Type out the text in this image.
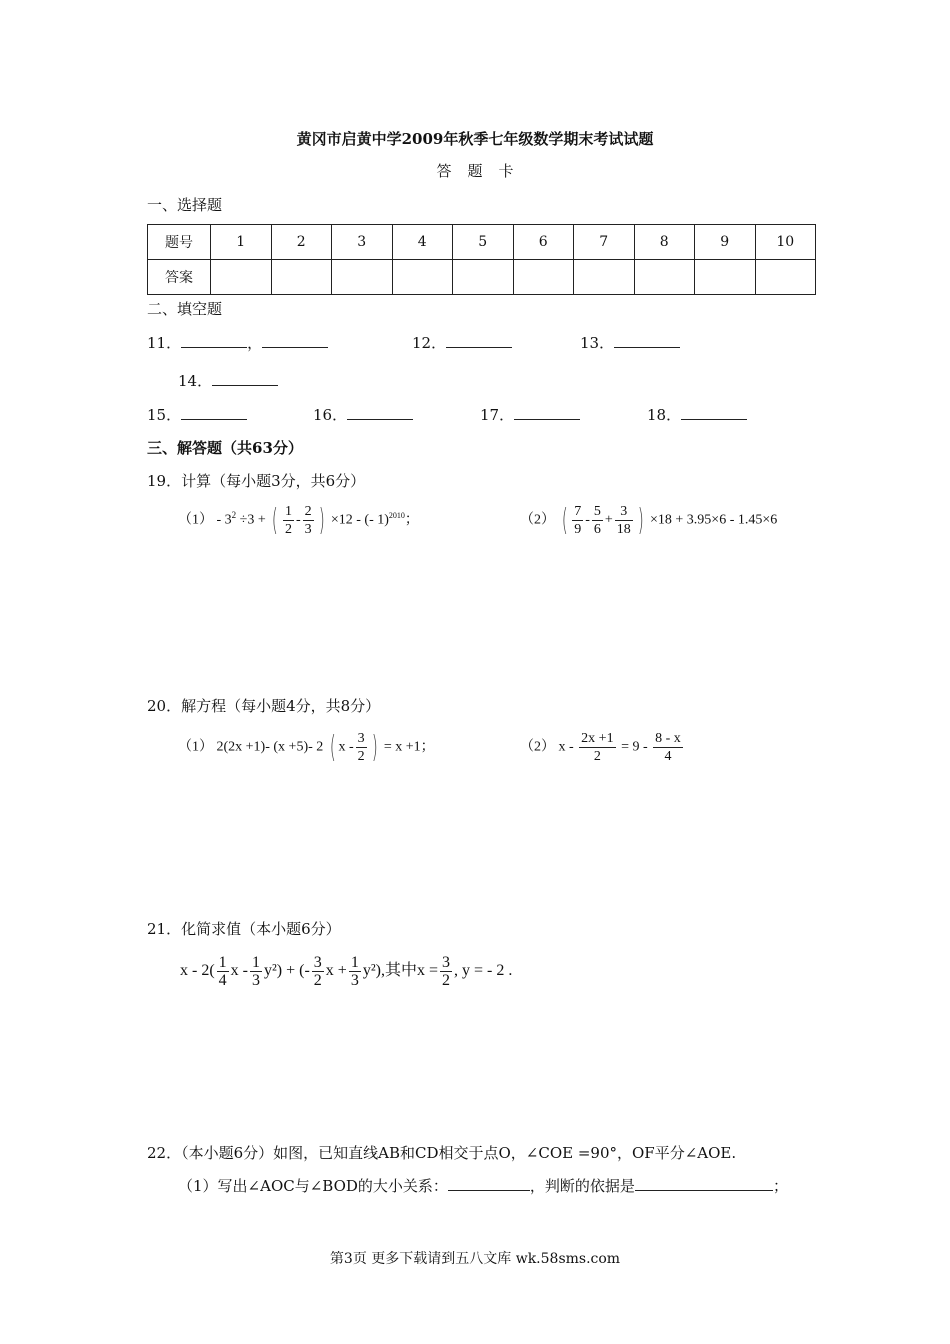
黄冈市启黄中学2009年秋季七年级数学期末考试试题
答题卡
一、选择题
题号	1	2	3	4	5	6	7	8	9	10
答案										
二、填空题
11．	，	12．	13．
14．
15．	16．	17．	18．
三、解答题（共63分）
19．计算（每小题3分，共6分）
$(1) - 3^2 \div 3$ + ( $\frac{1}{2} - \frac{2}{3}$ ) ×12 - (- 1)$^{2010}$；	（2） ( $\frac{7}{9} - \frac{5}{6} + \frac{3}{18}$ ) ×18 + 3.95×6 - 1.45×6
20．解方程（每小题4分，共8分）
（1） 2(2x +1)- (x +5)- 2 ( x - $\frac{3}{2}$ ) = x +1；	（2） $x - \frac{2x +1}{2} = 9 - \frac{8 - x}{4}$
21．化简求值（本小题6分）
x - $2( \frac{1}{4}$ x - $\frac{1}{3} y^2$) + (- $\frac{3}{2}$ $x + \frac{1}{3} y^2$),其中$x = \frac{3}{2}$ , y = - 2 .
22．（本小题6分）如图，已知直线AB和CD相交于点O，∠COE =90°，OF平分∠AOE.
（1）写出∠AOC与∠BOD的大小关系：	，判断的依据是	；
第3页 更多下载请到五八文库 wk.58sms.com
